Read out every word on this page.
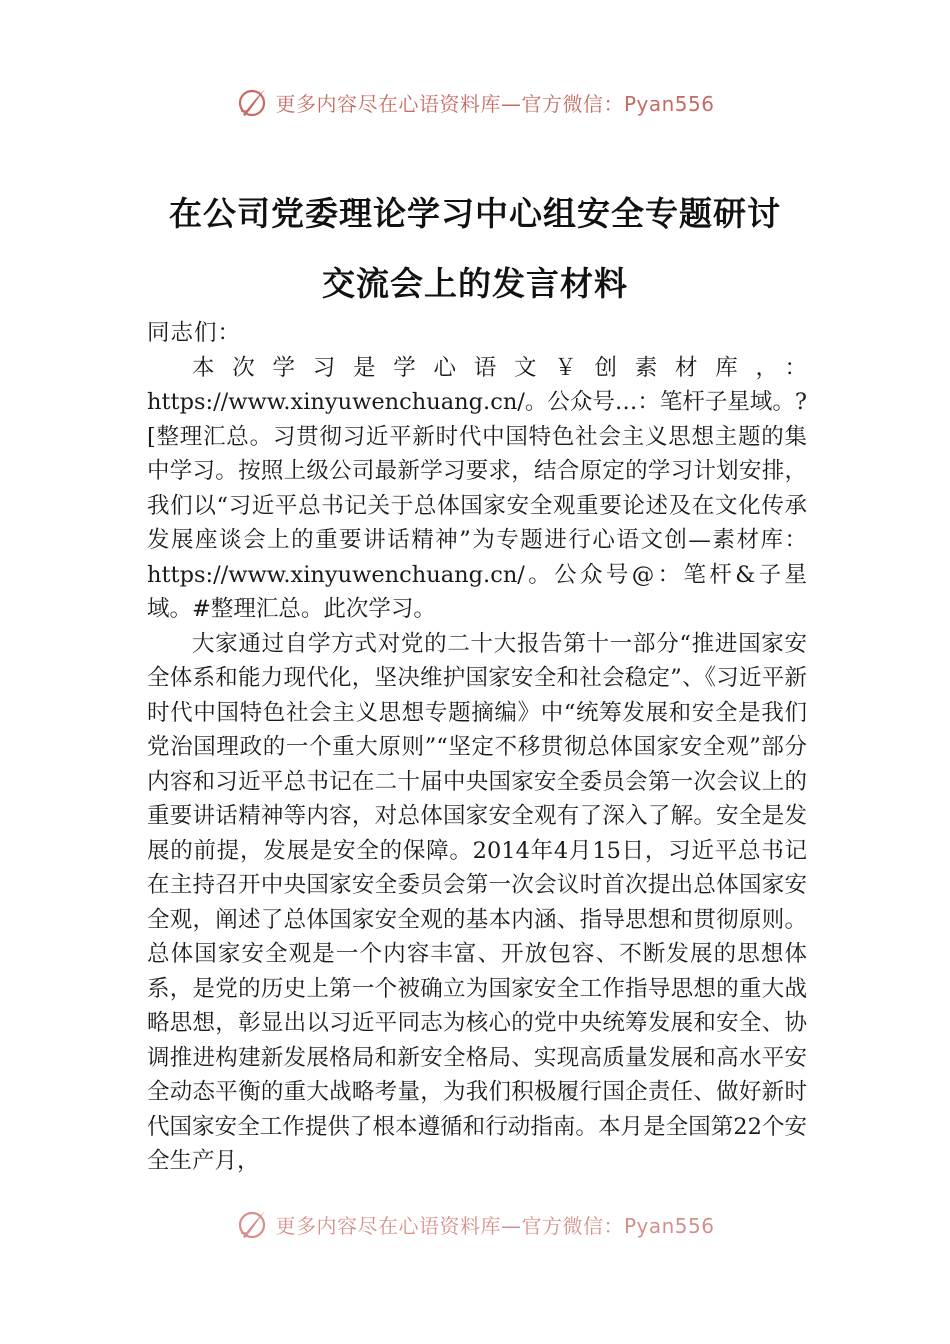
更多内容尽在心语资料库—官方微信：Pyan556
在公司党委理论学习中心组安全专题研讨
交流会上的发言材料

同志们：

本次学习是学心语文￥创素材库，：https://www.xinyuwenchuang.cn/。公众号…：笔杆子星域。?[整理汇总。习贯彻习近平新时代中国特色社会主义思想主题的集中学习。按照上级公司最新学习要求，结合原定的学习计划安排，我们以“习近平总书记关于总体国家安全观重要论述及在文化传承发展座谈会上的重要讲话精神”为专题进行心语文创—素材库：https://www.xinyuwenchuang.cn/。公众号@：笔杆&子星域。#整理汇总。此次学习。

大家通过自学方式对党的二十大报告第十一部分“推进国家安全体系和能力现代化，坚决维护国家安全和社会稳定”、《习近平新时代中国特色社会主义思想专题摘编》中“统筹发展和安全是我们党治国理政的一个重大原则”“坚定不移贯彻总体国家安全观”部分内容和习近平总书记在二十届中央国家安全委员会第一次会议上的重要讲话精神等内容，对总体国家安全观有了深入了解。安全是发展的前提，发展是安全的保障。2014年4月15日，习近平总书记在主持召开中央国家安全委员会第一次会议时首次提出总体国家安全观，阐述了总体国家安全观的基本内涵、指导思想和贯彻原则。总体国家安全观是一个内容丰富、开放包容、不断发展的思想体系，是党的历史上第一个被确立为国家安全工作指导思想的重大战略思想，彰显出以习近平同志为核心的党中央统筹发展和安全、协调推进构建新发展格局和新安全格局、实现高质量发展和高水平安全动态平衡的重大战略考量，为我们积极履行国企责任、做好新时代国家安全工作提供了根本遵循和行动指南。本月是全国第22个安全生产月，

更多内容尽在心语资料库—官方微信：Pyan556
